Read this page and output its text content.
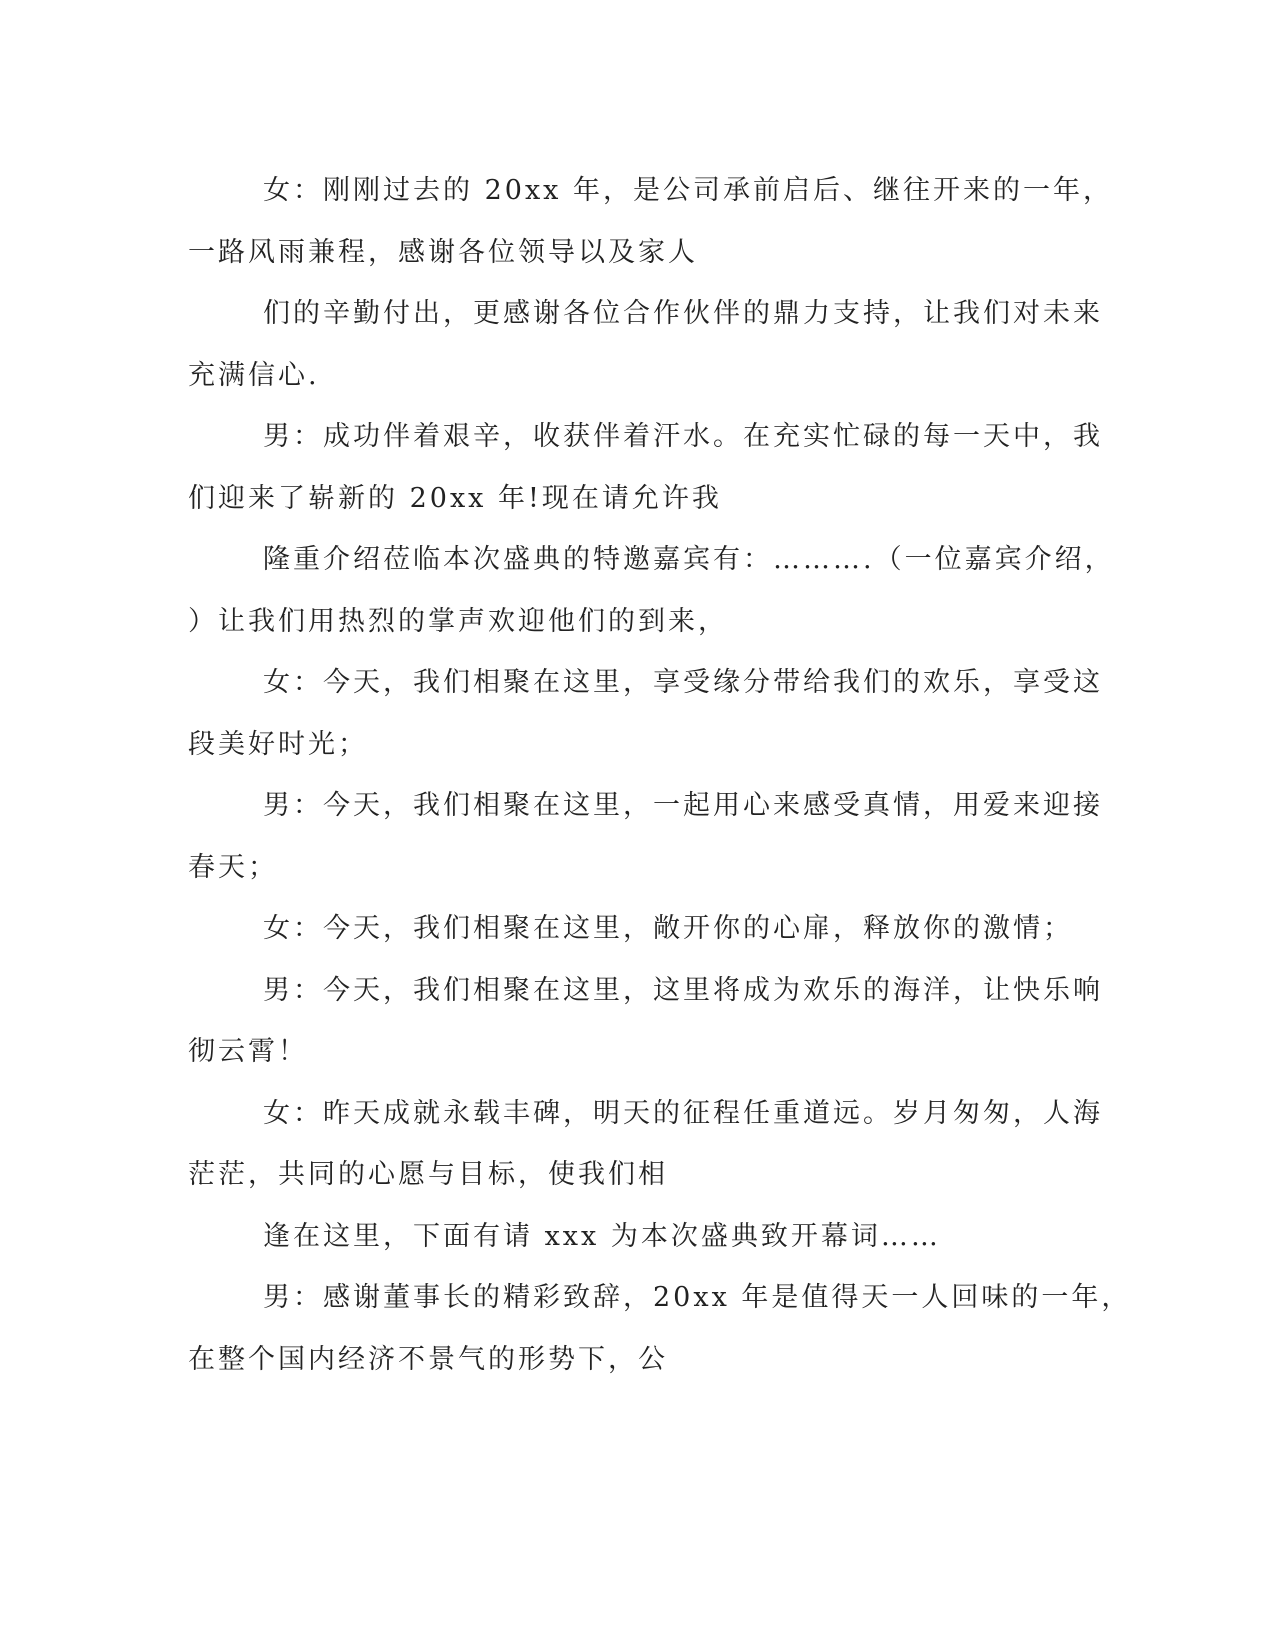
女：刚刚过去的 20xx 年，是公司承前启后、继往开来的一年，
一路风雨兼程，感谢各位领导以及家人
们的辛勤付出，更感谢各位合作伙伴的鼎力支持，让我们对未来
充满信心.
男：成功伴着艰辛，收获伴着汗水。在充实忙碌的每一天中，我
们迎来了崭新的 20xx 年!现在请允许我
隆重介绍莅临本次盛典的特邀嘉宾有：……….（一位嘉宾介绍，
）让我们用热烈的掌声欢迎他们的到来，
女：今天，我们相聚在这里，享受缘分带给我们的欢乐，享受这
段美好时光；
男：今天，我们相聚在这里，一起用心来感受真情，用爱来迎接
春天；
女：今天，我们相聚在这里，敞开你的心扉，释放你的激情；
男：今天，我们相聚在这里，这里将成为欢乐的海洋，让快乐响
彻云霄！
女：昨天成就永载丰碑，明天的征程任重道远。岁月匆匆，人海
茫茫，共同的心愿与目标，使我们相
逢在这里，下面有请 xxx 为本次盛典致开幕词……
男：感谢董事长的精彩致辞，20xx 年是值得天一人回味的一年，
在整个国内经济不景气的形势下，公
